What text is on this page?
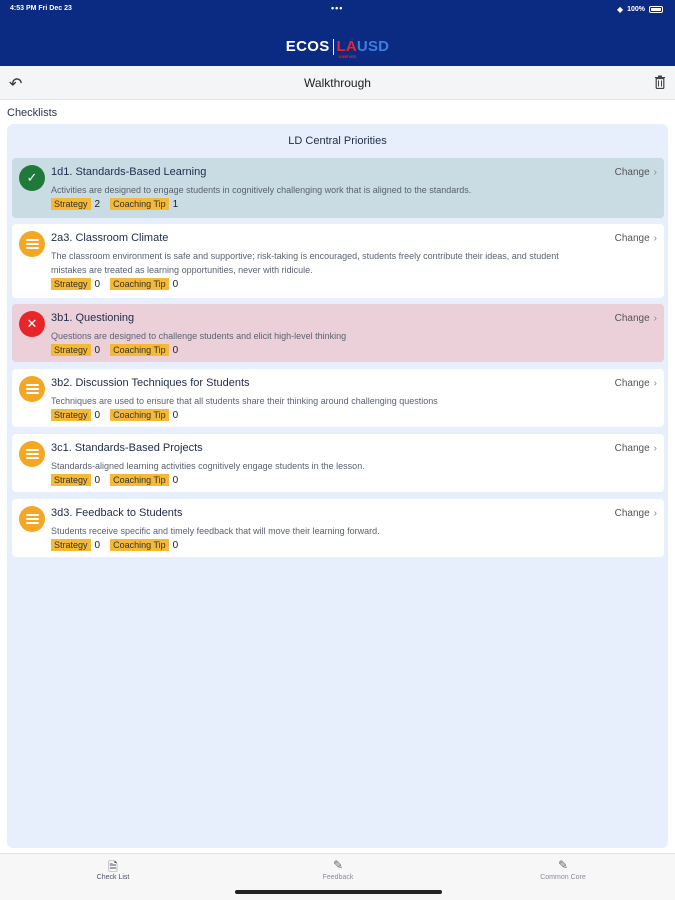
4:53 PM Fri Dec 23	•••	◆ 100%
ECOS LAUSD
UNIFIED
↶	Walkthrough
Checklists
LD Central Priorities
✓	1d1. Standards-Based Learning
Activities are designed to engage students in cognitively challenging work that is aligned to the standards.
Strategy 2	Coaching Tip 1
Change ›
2a3. Classroom Climate
The classroom environment is safe and supportive; risk-taking is encouraged, students freely contribute their ideas, and student mistakes are treated as learning opportunities, never with ridicule.
Strategy 0	Coaching Tip 0
Change ›
✕	3b1. Questioning
Questions are designed to challenge students and elicit high-level thinking
Strategy 0	Coaching Tip 0
Change ›
3b2. Discussion Techniques for Students
Techniques are used to ensure that all students share their thinking around challenging questions
Strategy 0	Coaching Tip 0
Change ›
3c1. Standards-Based Projects
Standards-aligned learning activities cognitively engage students in the lesson.
Strategy 0	Coaching Tip 0
Change ›
3d3. Feedback to Students
Students receive specific and timely feedback that will move their learning forward.
Strategy 0	Coaching Tip 0
Change ›
🗎
Check List
✎
Feedback
✎
Common Core
